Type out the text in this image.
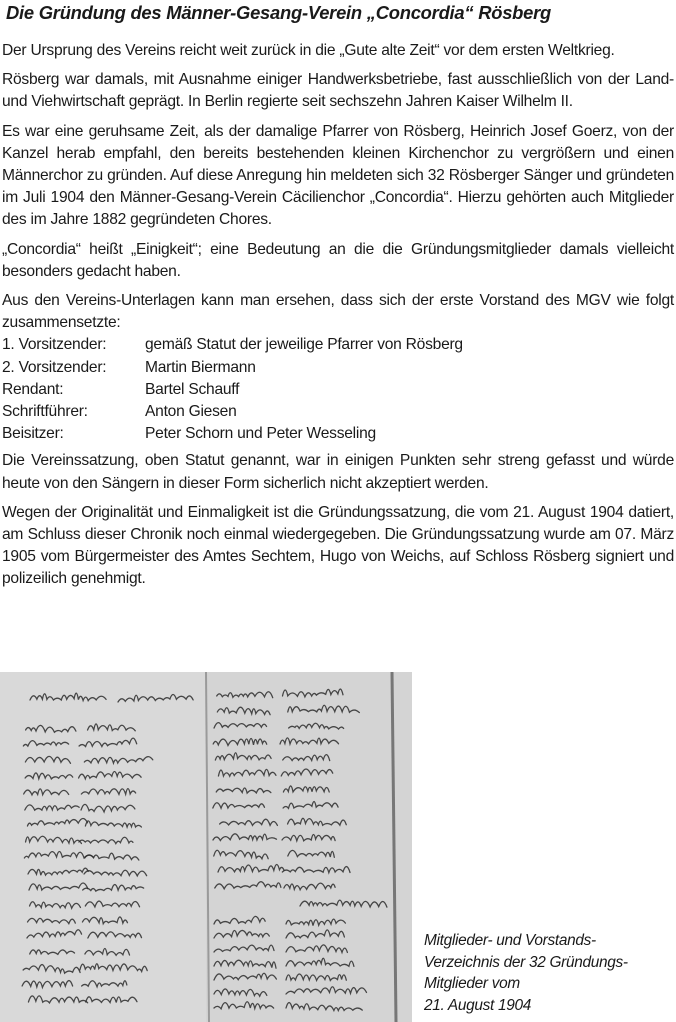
Die Gründung des Männer-Gesang-Verein „Concordia“ Rösberg

Der Ursprung des Vereins reicht weit zurück in die „Gute alte Zeit“ vor dem ersten Weltkrieg.

Rösberg war damals, mit Ausnahme einiger Handwerksbetriebe, fast ausschließlich von der Land- und Viehwirtschaft geprägt. In Berlin regierte seit sechszehn Jahren Kaiser Wilhelm II.

Es war eine geruhsame Zeit, als der damalige Pfarrer von Rösberg, Heinrich Josef Goerz, von der Kanzel herab empfahl, den bereits bestehenden kleinen Kirchenchor zu vergrößern und einen Männerchor zu gründen. Auf diese Anregung hin meldeten sich 32 Rösberger Sänger und gründeten im Juli 1904 den Männer-Gesang-Verein Cäcilienchor „Concordia“. Hierzu gehörten auch Mitglieder des im Jahre 1882 gegründeten Chores.

„Concordia“ heißt „Einigkeit“; eine Bedeutung an die die Gründungsmitglieder damals vielleicht besonders gedacht haben.

Aus den Vereins-Unterlagen kann man ersehen, dass sich der erste Vorstand des MGV wie folgt zusammensetzte:

1. Vorsitzender:	gemäß Statut der jeweilige Pfarrer von Rösberg
2. Vorsitzender:	Martin Biermann
Rendant:	Bartel Schauff
Schriftführer:	Anton Giesen
Beisitzer:	Peter Schorn und Peter Wesseling

Die Vereinssatzung, oben Statut genannt, war in einigen Punkten sehr streng gefasst und würde heute von den Sängern in dieser Form sicherlich nicht akzeptiert werden.

Wegen der Originalität und Einmaligkeit ist die Gründungssatzung, die vom 21. August 1904 datiert, am Schluss dieser Chronik noch einmal wiedergegeben. Die Gründungssatzung wurde am 07. März 1905 vom Bürgermeister des Amtes Sechtem, Hugo von Weichs, auf Schloss Rösberg signiert und polizeilich genehmigt.

Mitglieder- und Vorstands-
Verzeichnis der 32 Gründungs-
Mitglieder vom
21. August 1904
